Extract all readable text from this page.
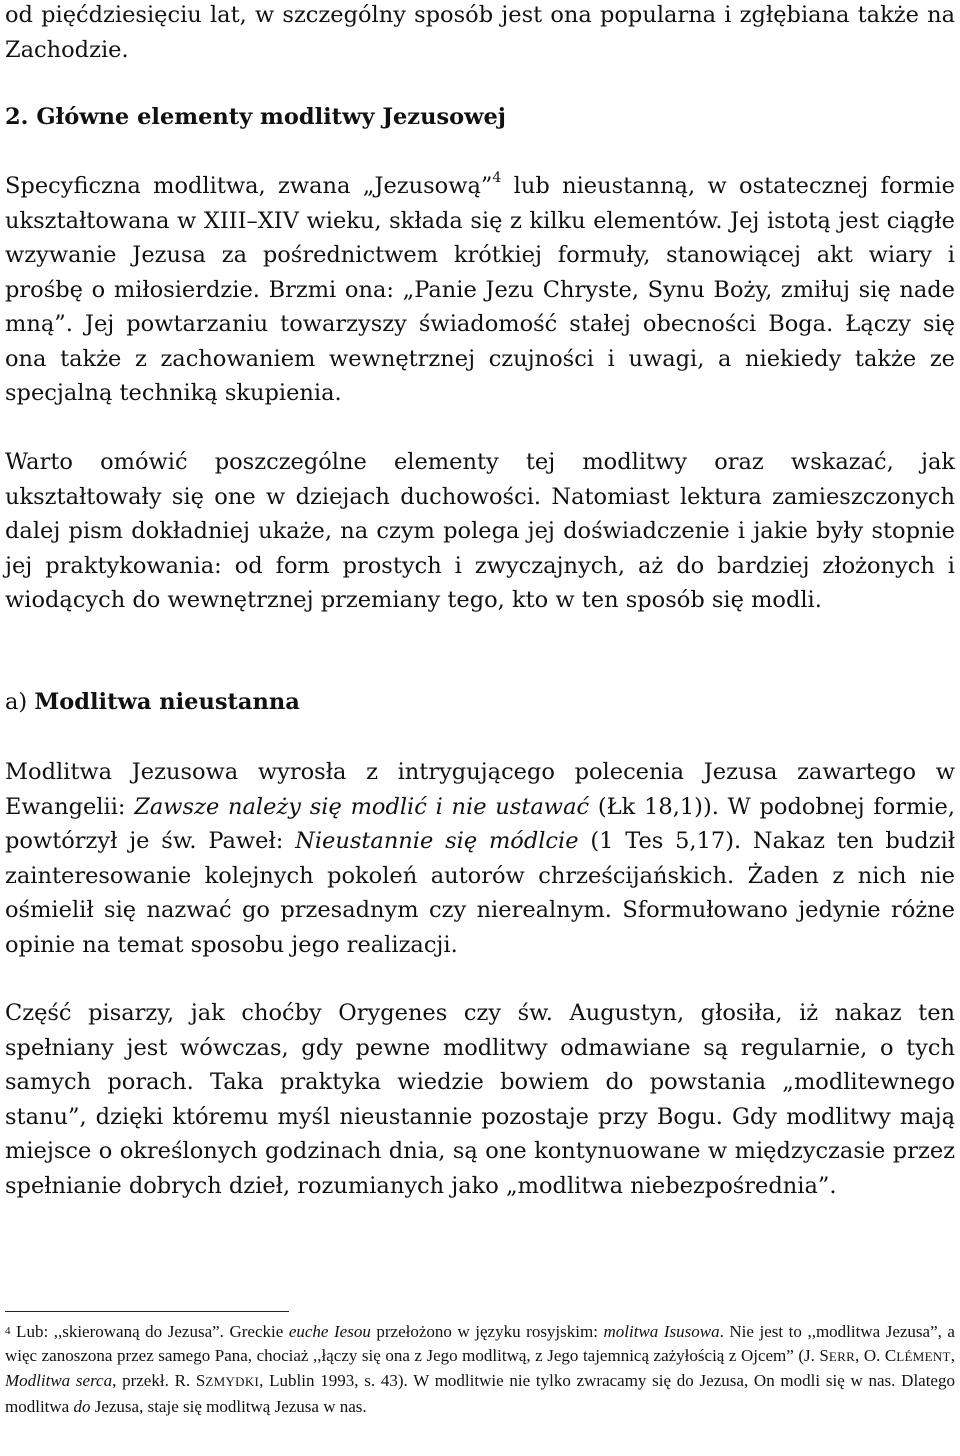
od pięćdziesięciu lat, w szczególny sposób jest ona popularna i zgłębiana także na Zachodzie.

2. Główne elementy modlitwy Jezusowej

Specyficzna modlitwa, zwana „Jezusową”$^4$ lub nieustanną, w ostatecznej formie ukształtowana w XIII–XIV wieku, składa się z kilku elementów. Jej istotą jest ciągłe wzywanie Jezusa za pośrednictwem krótkiej formuły, stanowiącej akt wiary i prośbę o miłosierdzie. Brzmi ona: „Panie Jezu Chryste, Synu Boży, zmiłuj się nade mną”. Jej powtarzaniu towarzyszy świadomość stałej obecności Boga. Łączy się ona także z zachowaniem wewnętrznej czujności i uwagi, a niekiedy także ze specjalną techniką skupienia.

Warto omówić poszczególne elementy tej modlitwy oraz wskazać, jak ukształtowały się one w dziejach duchowości. Natomiast lektura zamieszczonych dalej pism dokładniej ukaże, na czym polega jej doświadczenie i jakie były stopnie jej praktykowania: od form prostych i zwyczajnych, aż do bardziej złożonych i wiodących do wewnętrznej przemiany tego, kto w ten sposób się modli.

a) Modlitwa nieustanna

Modlitwa Jezusowa wyrosła z intrygującego polecenia Jezusa zawartego w Ewangelii: Zawsze należy się modlić i nie ustawać (Łk 18,1)). W podobnej formie, powtórzył je św. Paweł: Nieustannie się módlcie (1 Tes 5,17). Nakaz ten budził zainteresowanie kolejnych pokoleń autorów chrześcijańskich. Żaden z nich nie ośmielił się nazwać go przesadnym czy nierealnym. Sformułowano jedynie różne opinie na temat sposobu jego realizacji.

Część pisarzy, jak choćby Orygenes czy św. Augustyn, głosiła, iż nakaz ten spełniany jest wówczas, gdy pewne modlitwy odmawiane są regularnie, o tych samych porach. Taka praktyka wiedzie bowiem do powstania „modlitewnego stanu”, dzięki któremu myśl nieustannie pozostaje przy Bogu. Gdy modlitwy mają miejsce o określonych godzinach dnia, są one kontynuowane w międzyczasie przez spełnianie dobrych dzieł, rozumianych jako „modlitwa niebezpośrednia”.

$^4$ Lub: ,,skierowaną do Jezusa”. Greckie euche Iesou przełożono w języku rosyjskim: molitwa Isusowa. Nie jest to ,,modlitwa Jezusa”, a więc zanoszona przez samego Pana, chociaż ,,łączy się ona z Jego modlitwą, z Jego tajemnicą zażyłością z Ojcem” (J. SERR, O. CLÉMENT, Modlitwa serca, przekł. R. SZMYDKI, Lublin 1993, s. 43). W modlitwie nie tylko zwracamy się do Jezusa, On modli się w nas. Dlatego modlitwa do Jezusa, staje się modlitwą Jezusa w nas.
